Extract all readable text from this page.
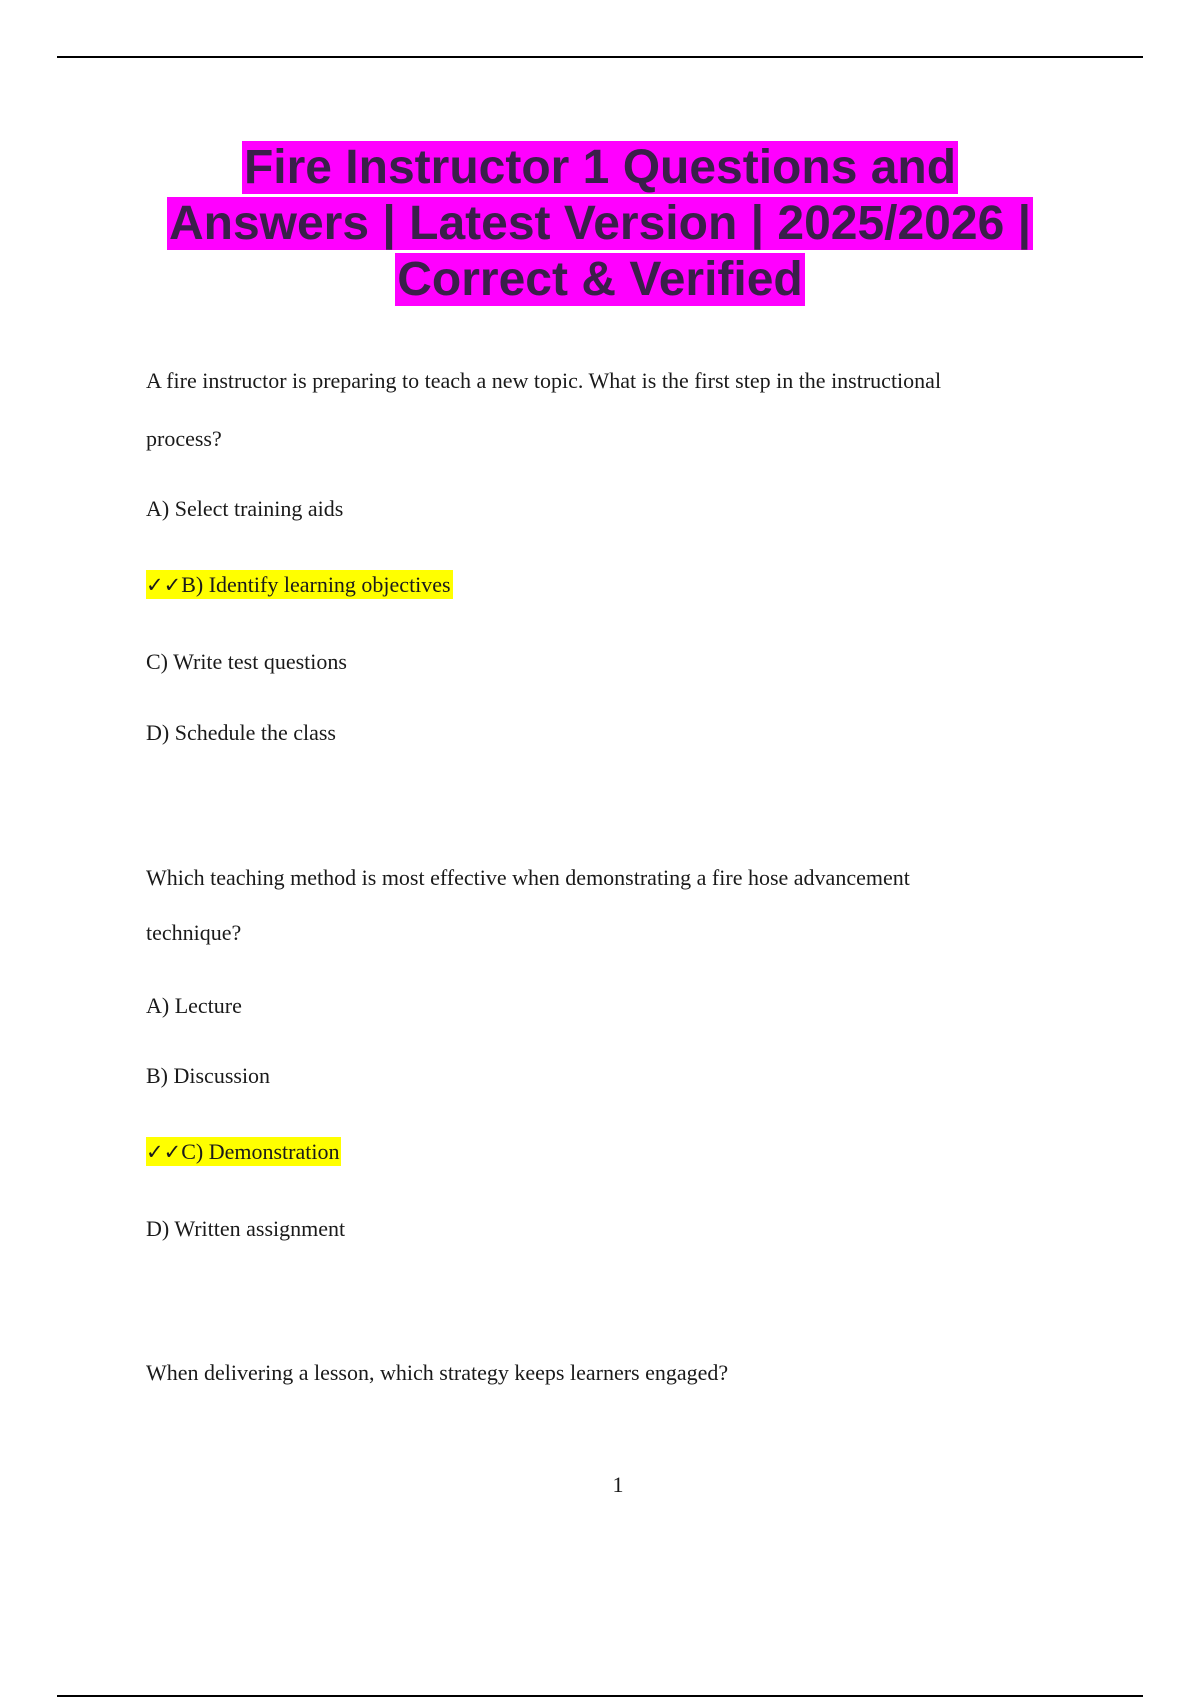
Fire Instructor 1 Questions and
Answers | Latest Version | 2025/2026 |
Correct & Verified
A fire instructor is preparing to teach a new topic. What is the first step in the instructional
process?
A) Select training aids
✓✓B) Identify learning objectives
C) Write test questions
D) Schedule the class
Which teaching method is most effective when demonstrating a fire hose advancement
technique?
A) Lecture
B) Discussion
✓✓C) Demonstration
D) Written assignment
When delivering a lesson, which strategy keeps learners engaged?
1
